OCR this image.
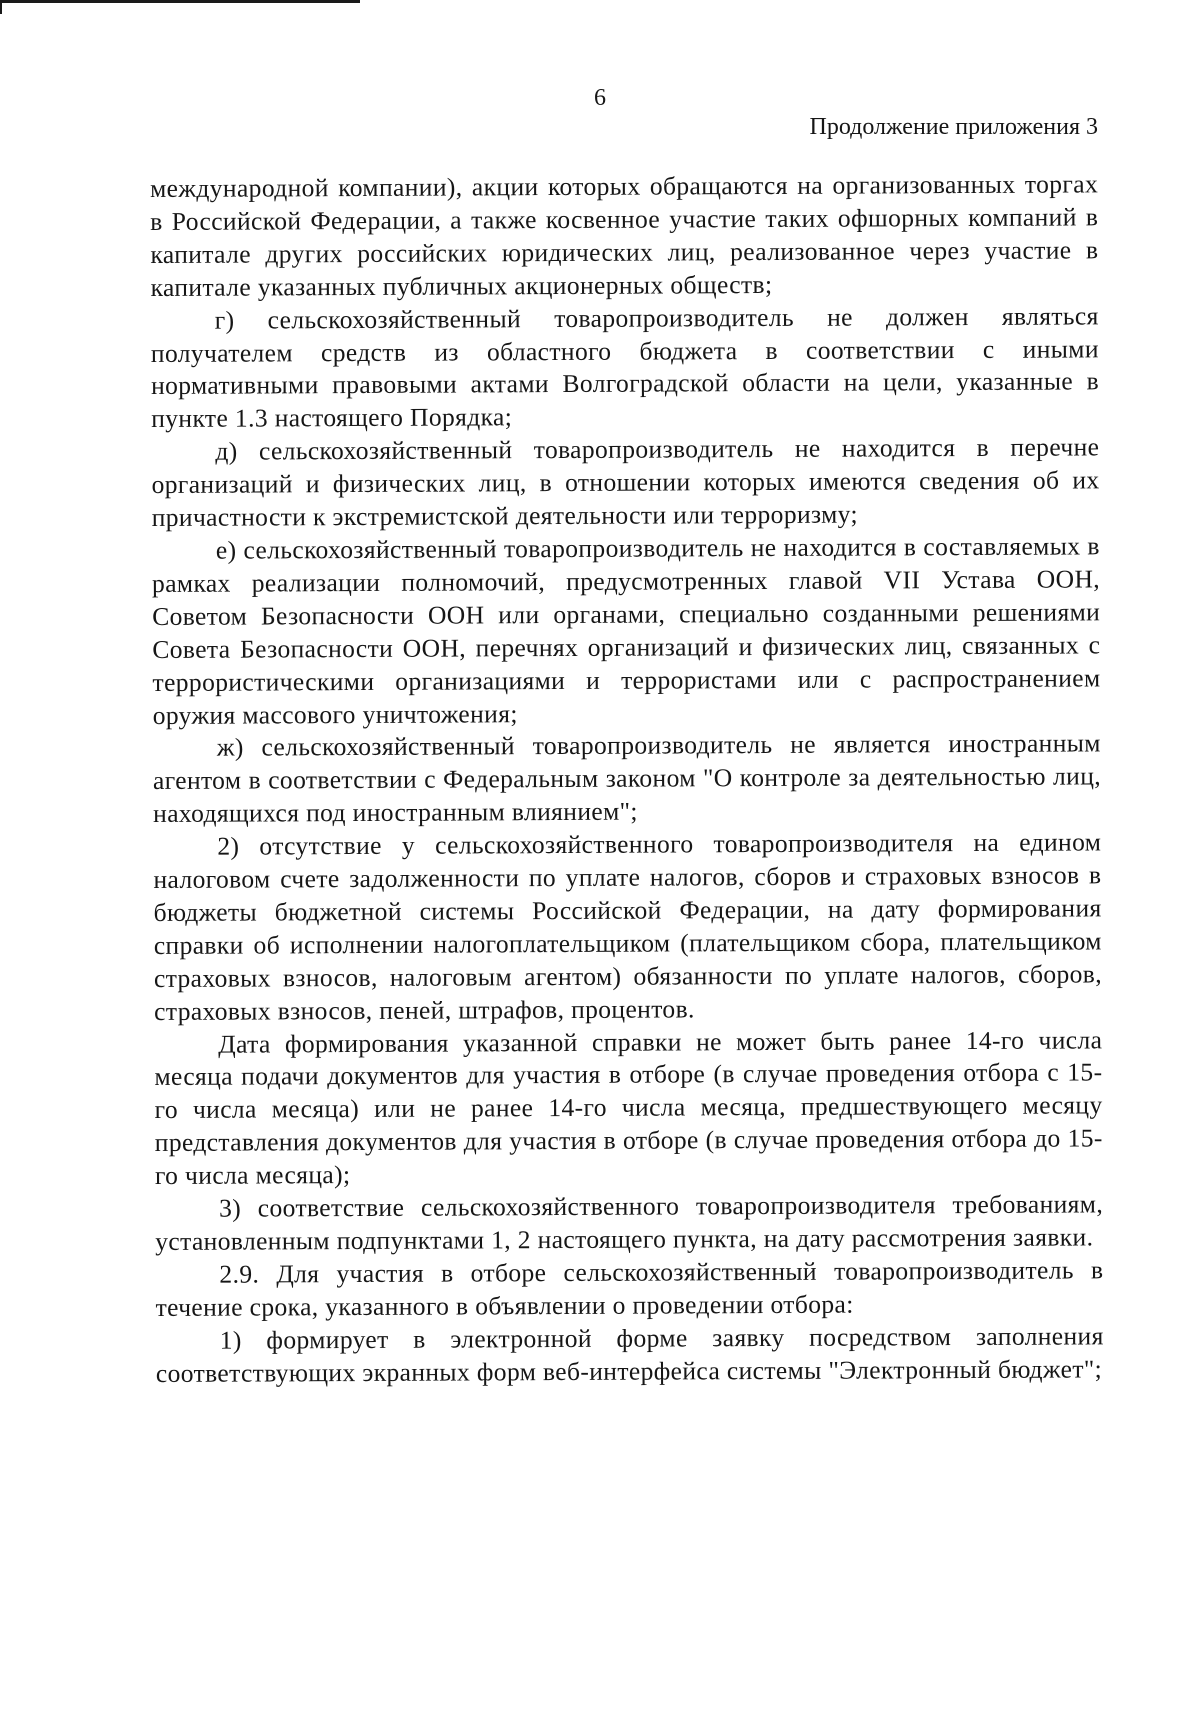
6
Продолжение приложения 3

международной компании), акции которых обращаются на организованных торгах в Российской Федерации, а также косвенное участие таких офшорных компаний в капитале других российских юридических лиц, реализованное через участие в капитале указанных публичных акционерных обществ;

г) сельскохозяйственный товаропроизводитель не должен являться получателем средств из областного бюджета в соответствии с иными нормативными правовыми актами Волгоградской области на цели, указанные в пункте 1.3 настоящего Порядка;

д) сельскохозяйственный товаропроизводитель не находится в перечне организаций и физических лиц, в отношении которых имеются сведения об их причастности к экстремистской деятельности или терроризму;

е) сельскохозяйственный товаропроизводитель не находится в составляемых в рамках реализации полномочий, предусмотренных главой VII Устава ООН, Советом Безопасности ООН или органами, специально созданными решениями Совета Безопасности ООН, перечнях организаций и физических лиц, связанных с террористическими организациями и террористами или с распространением оружия массового уничтожения;

ж) сельскохозяйственный товаропроизводитель не является иностранным агентом в соответствии с Федеральным законом "О контроле за деятельностью лиц, находящихся под иностранным влиянием";

2) отсутствие у сельскохозяйственного товаропроизводителя на едином налоговом счете задолженности по уплате налогов, сборов и страховых взносов в бюджеты бюджетной системы Российской Федерации, на дату формирования справки об исполнении налогоплательщиком (плательщиком сбора, плательщиком страховых взносов, налоговым агентом) обязанности по уплате налогов, сборов, страховых взносов, пеней, штрафов, процентов.

Дата формирования указанной справки не может быть ранее 14-го числа месяца подачи документов для участия в отборе (в случае проведения отбора с 15-го числа месяца) или не ранее 14-го числа месяца, предшествующего месяцу представления документов для участия в отборе (в случае проведения отбора до 15-го числа месяца);

3) соответствие сельскохозяйственного товаропроизводителя требованиям, установленным подпунктами 1, 2 настоящего пункта, на дату рассмотрения заявки.

2.9. Для участия в отборе сельскохозяйственный товаропроизводитель в течение срока, указанного в объявлении о проведении отбора:

1) формирует в электронной форме заявку посредством заполнения соответствующих экранных форм веб-интерфейса системы "Электронный бюджет";
